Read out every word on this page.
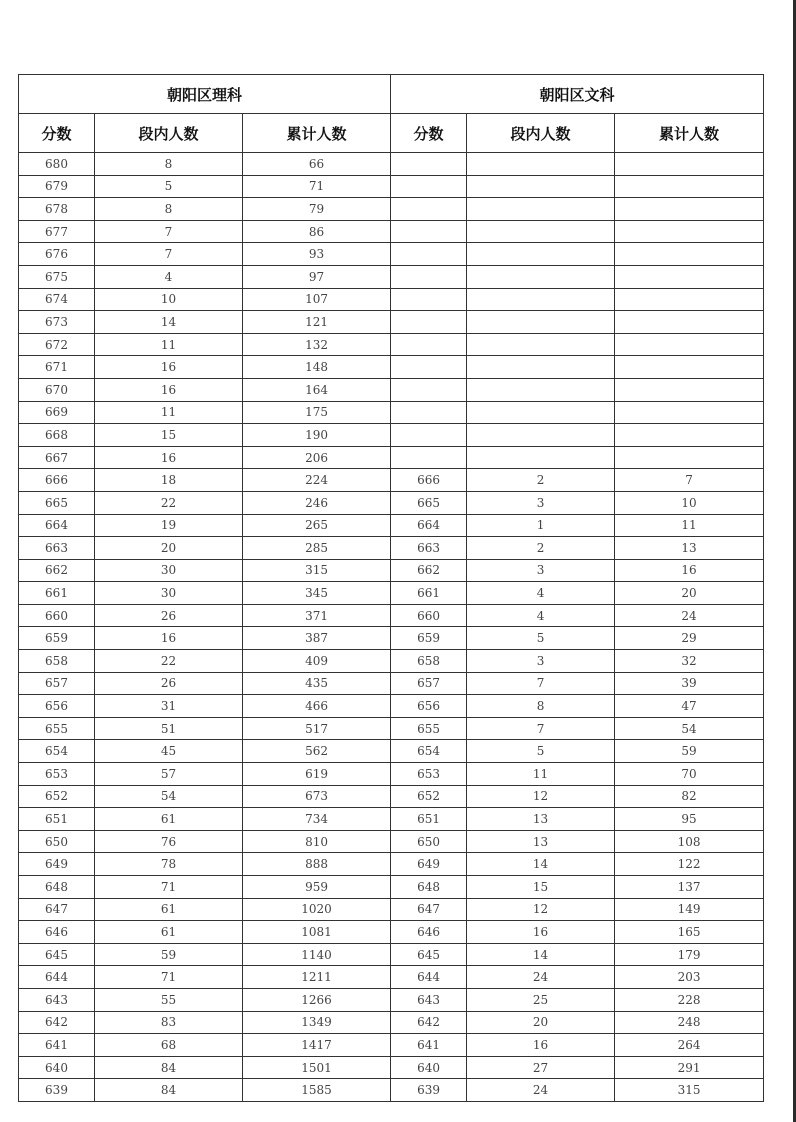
朝阳区理科			朝阳区文科		
分数	段内人数	累计人数	分数	段内人数	累计人数
680	8	66			
679	5	71			
678	8	79			
677	7	86			
676	7	93			
675	4	97			
674	10	107			
673	14	121			
672	11	132			
671	16	148			
670	16	164			
669	11	175			
668	15	190			
667	16	206			
666	18	224	666	2	7
665	22	246	665	3	10
664	19	265	664	1	11
663	20	285	663	2	13
662	30	315	662	3	16
661	30	345	661	4	20
660	26	371	660	4	24
659	16	387	659	5	29
658	22	409	658	3	32
657	26	435	657	7	39
656	31	466	656	8	47
655	51	517	655	7	54
654	45	562	654	5	59
653	57	619	653	11	70
652	54	673	652	12	82
651	61	734	651	13	95
650	76	810	650	13	108
649	78	888	649	14	122
648	71	959	648	15	137
647	61	1020	647	12	149
646	61	1081	646	16	165
645	59	1140	645	14	179
644	71	1211	644	24	203
643	55	1266	643	25	228
642	83	1349	642	20	248
641	68	1417	641	16	264
640	84	1501	640	27	291
639	84	1585	639	24	315
